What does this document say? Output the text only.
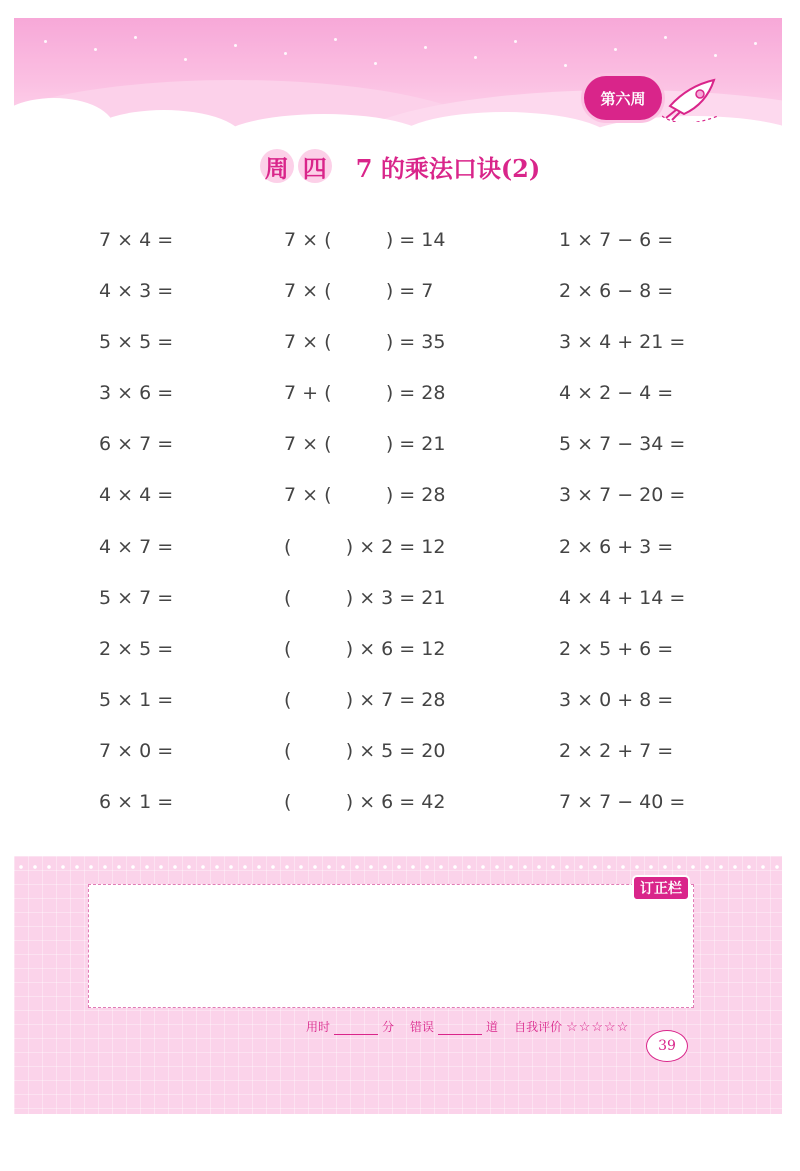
第六周
周 四 7 的乘法口诀(2)
7 × 4 =	7 × (         ) = 14	1 × 7 − 6 =
4 × 3 =	7 × (         ) = 7	2 × 6 − 8 =
5 × 5 =	7 × (         ) = 35	3 × 4 + 21 =
3 × 6 =	7 + (         ) = 28	4 × 2 − 4 =
6 × 7 =	7 × (         ) = 21	5 × 7 − 34 =
4 × 4 =	7 × (         ) = 28	3 × 7 − 20 =
4 × 7 =	(         ) × 2 = 12	2 × 6 + 3 =
5 × 7 =	(         ) × 3 = 21	4 × 4 + 14 =
2 × 5 =	(         ) × 6 = 12	2 × 5 + 6 =
5 × 1 =	(         ) × 7 = 28	3 × 0 + 8 =
7 × 0 =	(         ) × 5 = 20	2 × 2 + 7 =
6 × 1 =	(         ) × 6 = 42	7 × 7 − 40 =
订正栏
用时	分 错误	道 自我评价 ☆☆☆☆☆
39
